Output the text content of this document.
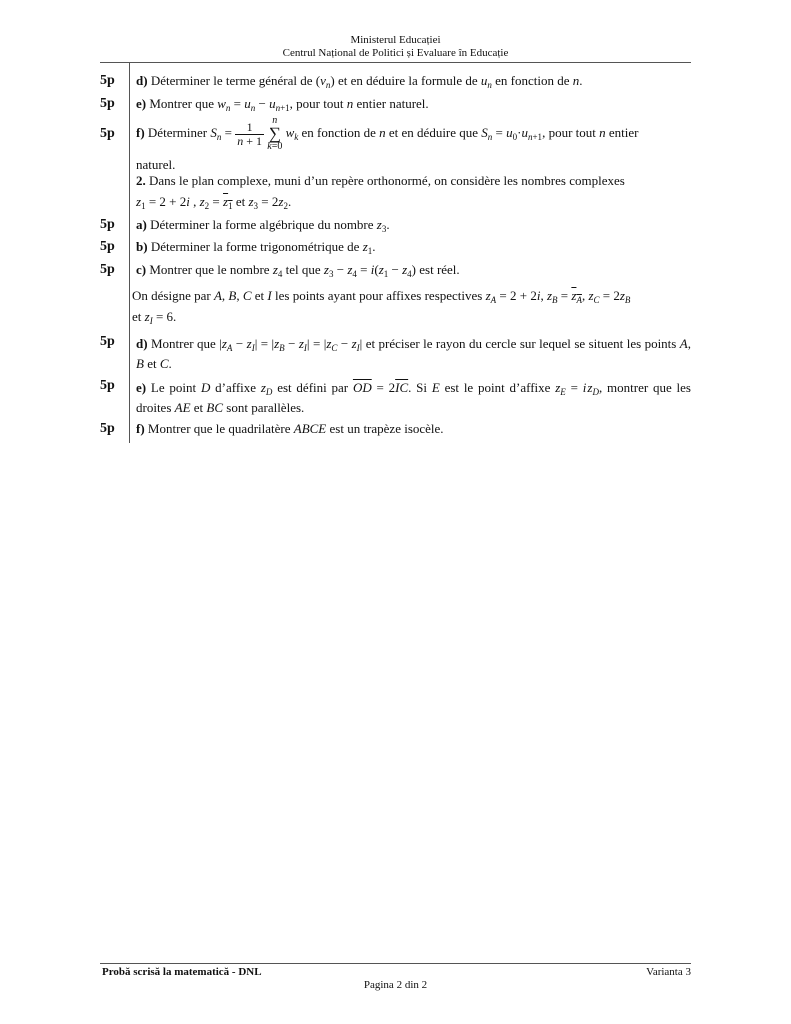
Ministerul Educației
Centrul Național de Politici și Evaluare în Educație
5p	d) Déterminer le terme général de $(v_n)$ et en déduire la formule de $u_n$ en fonction de n.
5p	e) Montrer que $w_n = u_n - u_{n+1}$, pour tout n entier naturel.
5p	f) Déterminer $S_n = \frac{1}{n + 1}$ n
∑
k=0 $w_k$ en fonction de n et en déduire que $S_n = u_0\cdot u_{n+1}$, pour tout n entier
naturel.
2. Dans le plan complexe, muni d’un repère orthonormé, on considère les nombres complexes
$z_1 = 2 + 2i$ , $z_2 = z_1$ et $z_3 = 2z_2$.
5p	a) Déterminer la forme algébrique du nombre $z_3$.
5p	b) Déterminer la forme trigonométrique de $z_1$.
5p	c) Montrer que le nombre $z_4$ tel que $z_3 - z_4 = i(z_1 - z_4)$ est réel.
On désigne par A, B, C et I les points ayant pour affixes respectives $z_A = 2 + 2i$, $z_B = z_A$, $z_C = 2z_B$
et $z_I = 6$.
5p	d) Montrer que $|z_A - z_I| = |z_B - z_I| = |z_C - z_I|$ et préciser le rayon du cercle sur lequel se situent les points A, B et C.
5p	e) Le point D d’affixe $z_D$ est défini par $\overline{OD} = 2\overline{IC}$. Si E est le point d’affixe $z_E = i$ $z_D$, montrer que les droites AE et BC sont parallèles.
5p	f) Montrer que le quadrilatère ABCE est un trapèze isocèle.
Probă scrisă la matematică - DNL	Varianta 3
Pagina 2 din 2
